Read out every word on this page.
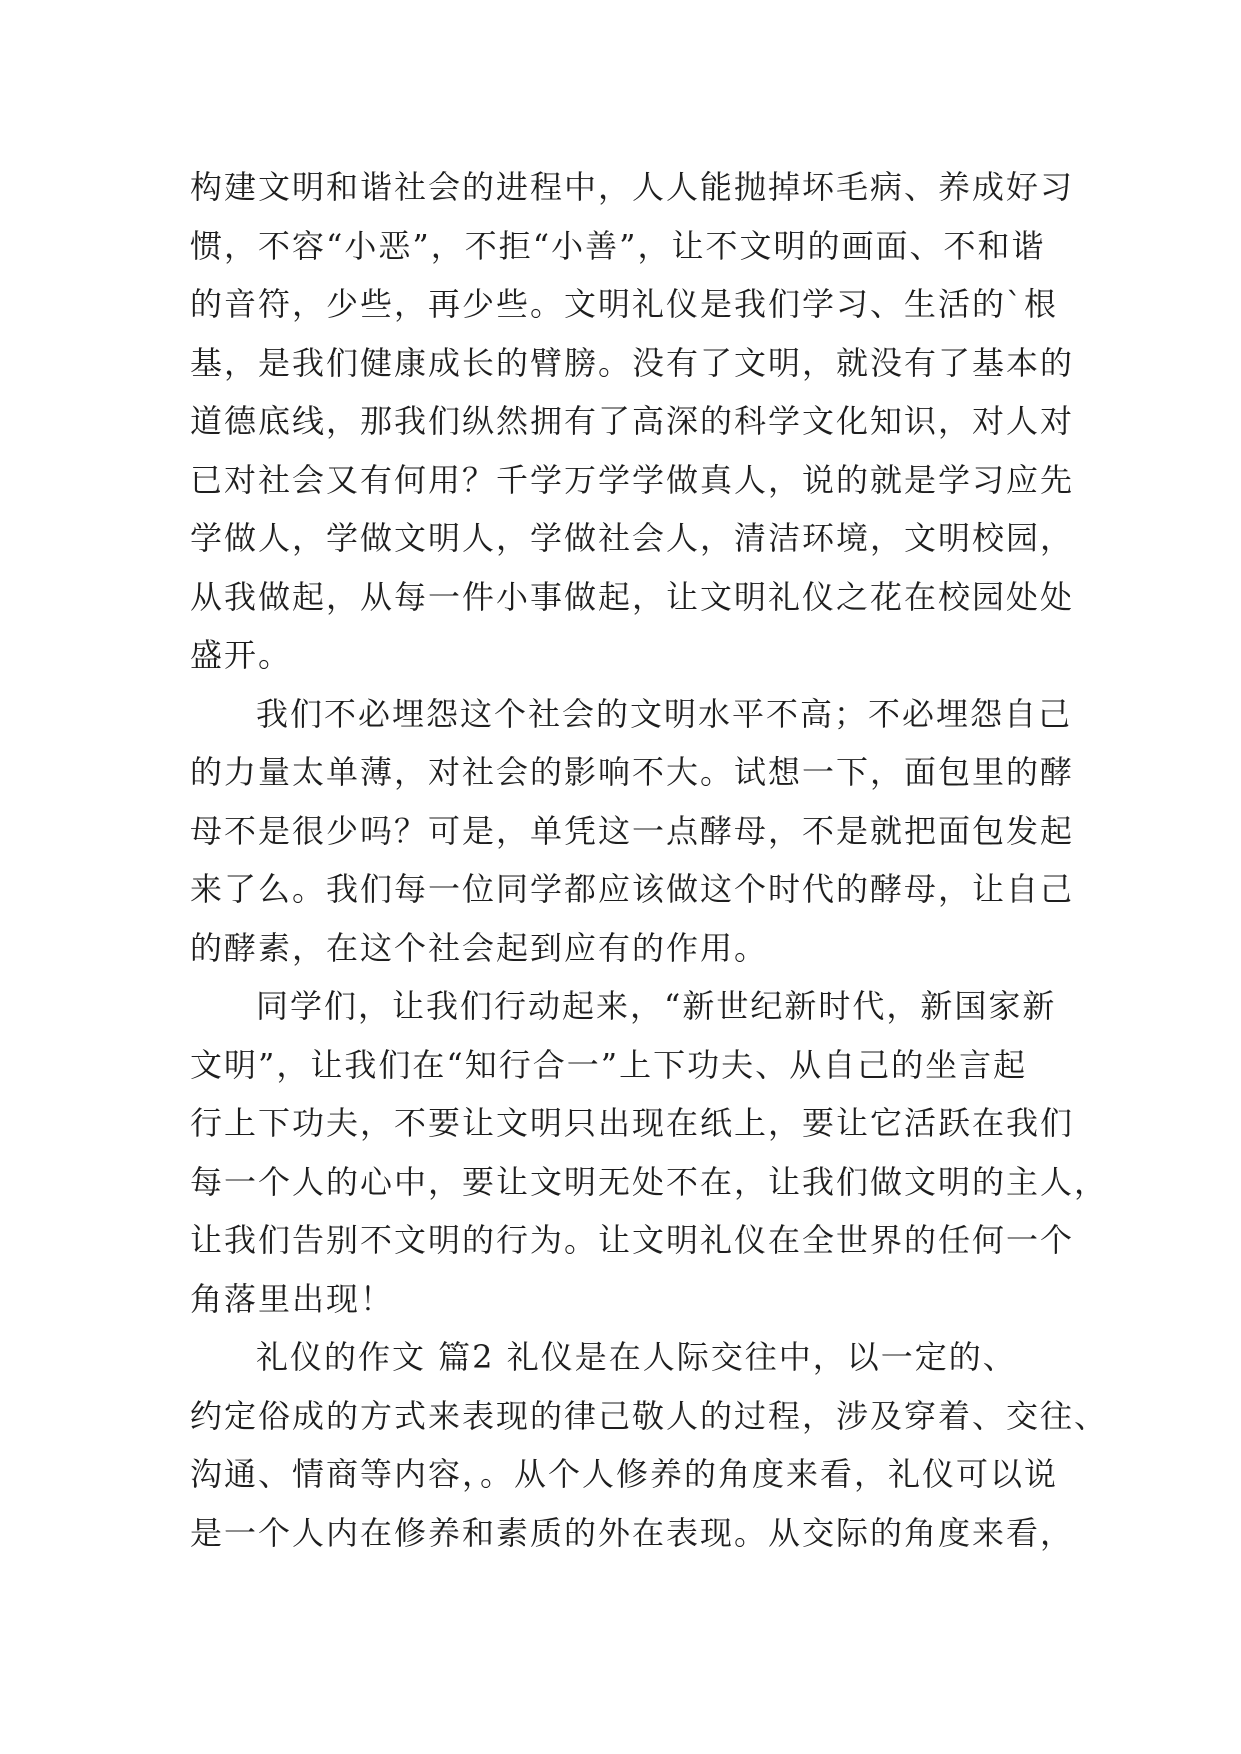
构建文明和谐社会的进程中，人人能抛掉坏毛病、养成好习
惯，不容“小恶”，不拒“小善”，让不文明的画面、不和谐
的音符，少些，再少些。文明礼仪是我们学习、生活的`根
基，是我们健康成长的臂膀。没有了文明，就没有了基本的
道德底线，那我们纵然拥有了高深的科学文化知识，对人对
已对社会又有何用？千学万学学做真人，说的就是学习应先
学做人，学做文明人，学做社会人，清洁环境，文明校园，
从我做起，从每一件小事做起，让文明礼仪之花在校园处处
盛开。
我们不必埋怨这个社会的文明水平不高；不必埋怨自己
的力量太单薄，对社会的影响不大。试想一下，面包里的酵
母不是很少吗？可是，单凭这一点酵母，不是就把面包发起
来了么。我们每一位同学都应该做这个时代的酵母，让自己
的酵素，在这个社会起到应有的作用。
同学们，让我们行动起来，“新世纪新时代，新国家新
文明”，让我们在“知行合一”上下功夫、从自己的坐言起
行上下功夫，不要让文明只出现在纸上，要让它活跃在我们
每一个人的心中，要让文明无处不在，让我们做文明的主人，
让我们告别不文明的行为。让文明礼仪在全世界的任何一个
角落里出现！
礼仪的作文 篇2 礼仪是在人际交往中，以一定的、
约定俗成的方式来表现的律己敬人的过程，涉及穿着、交往、
沟通、情商等内容，。从个人修养的角度来看，礼仪可以说
是一个人内在修养和素质的外在表现。从交际的角度来看，
